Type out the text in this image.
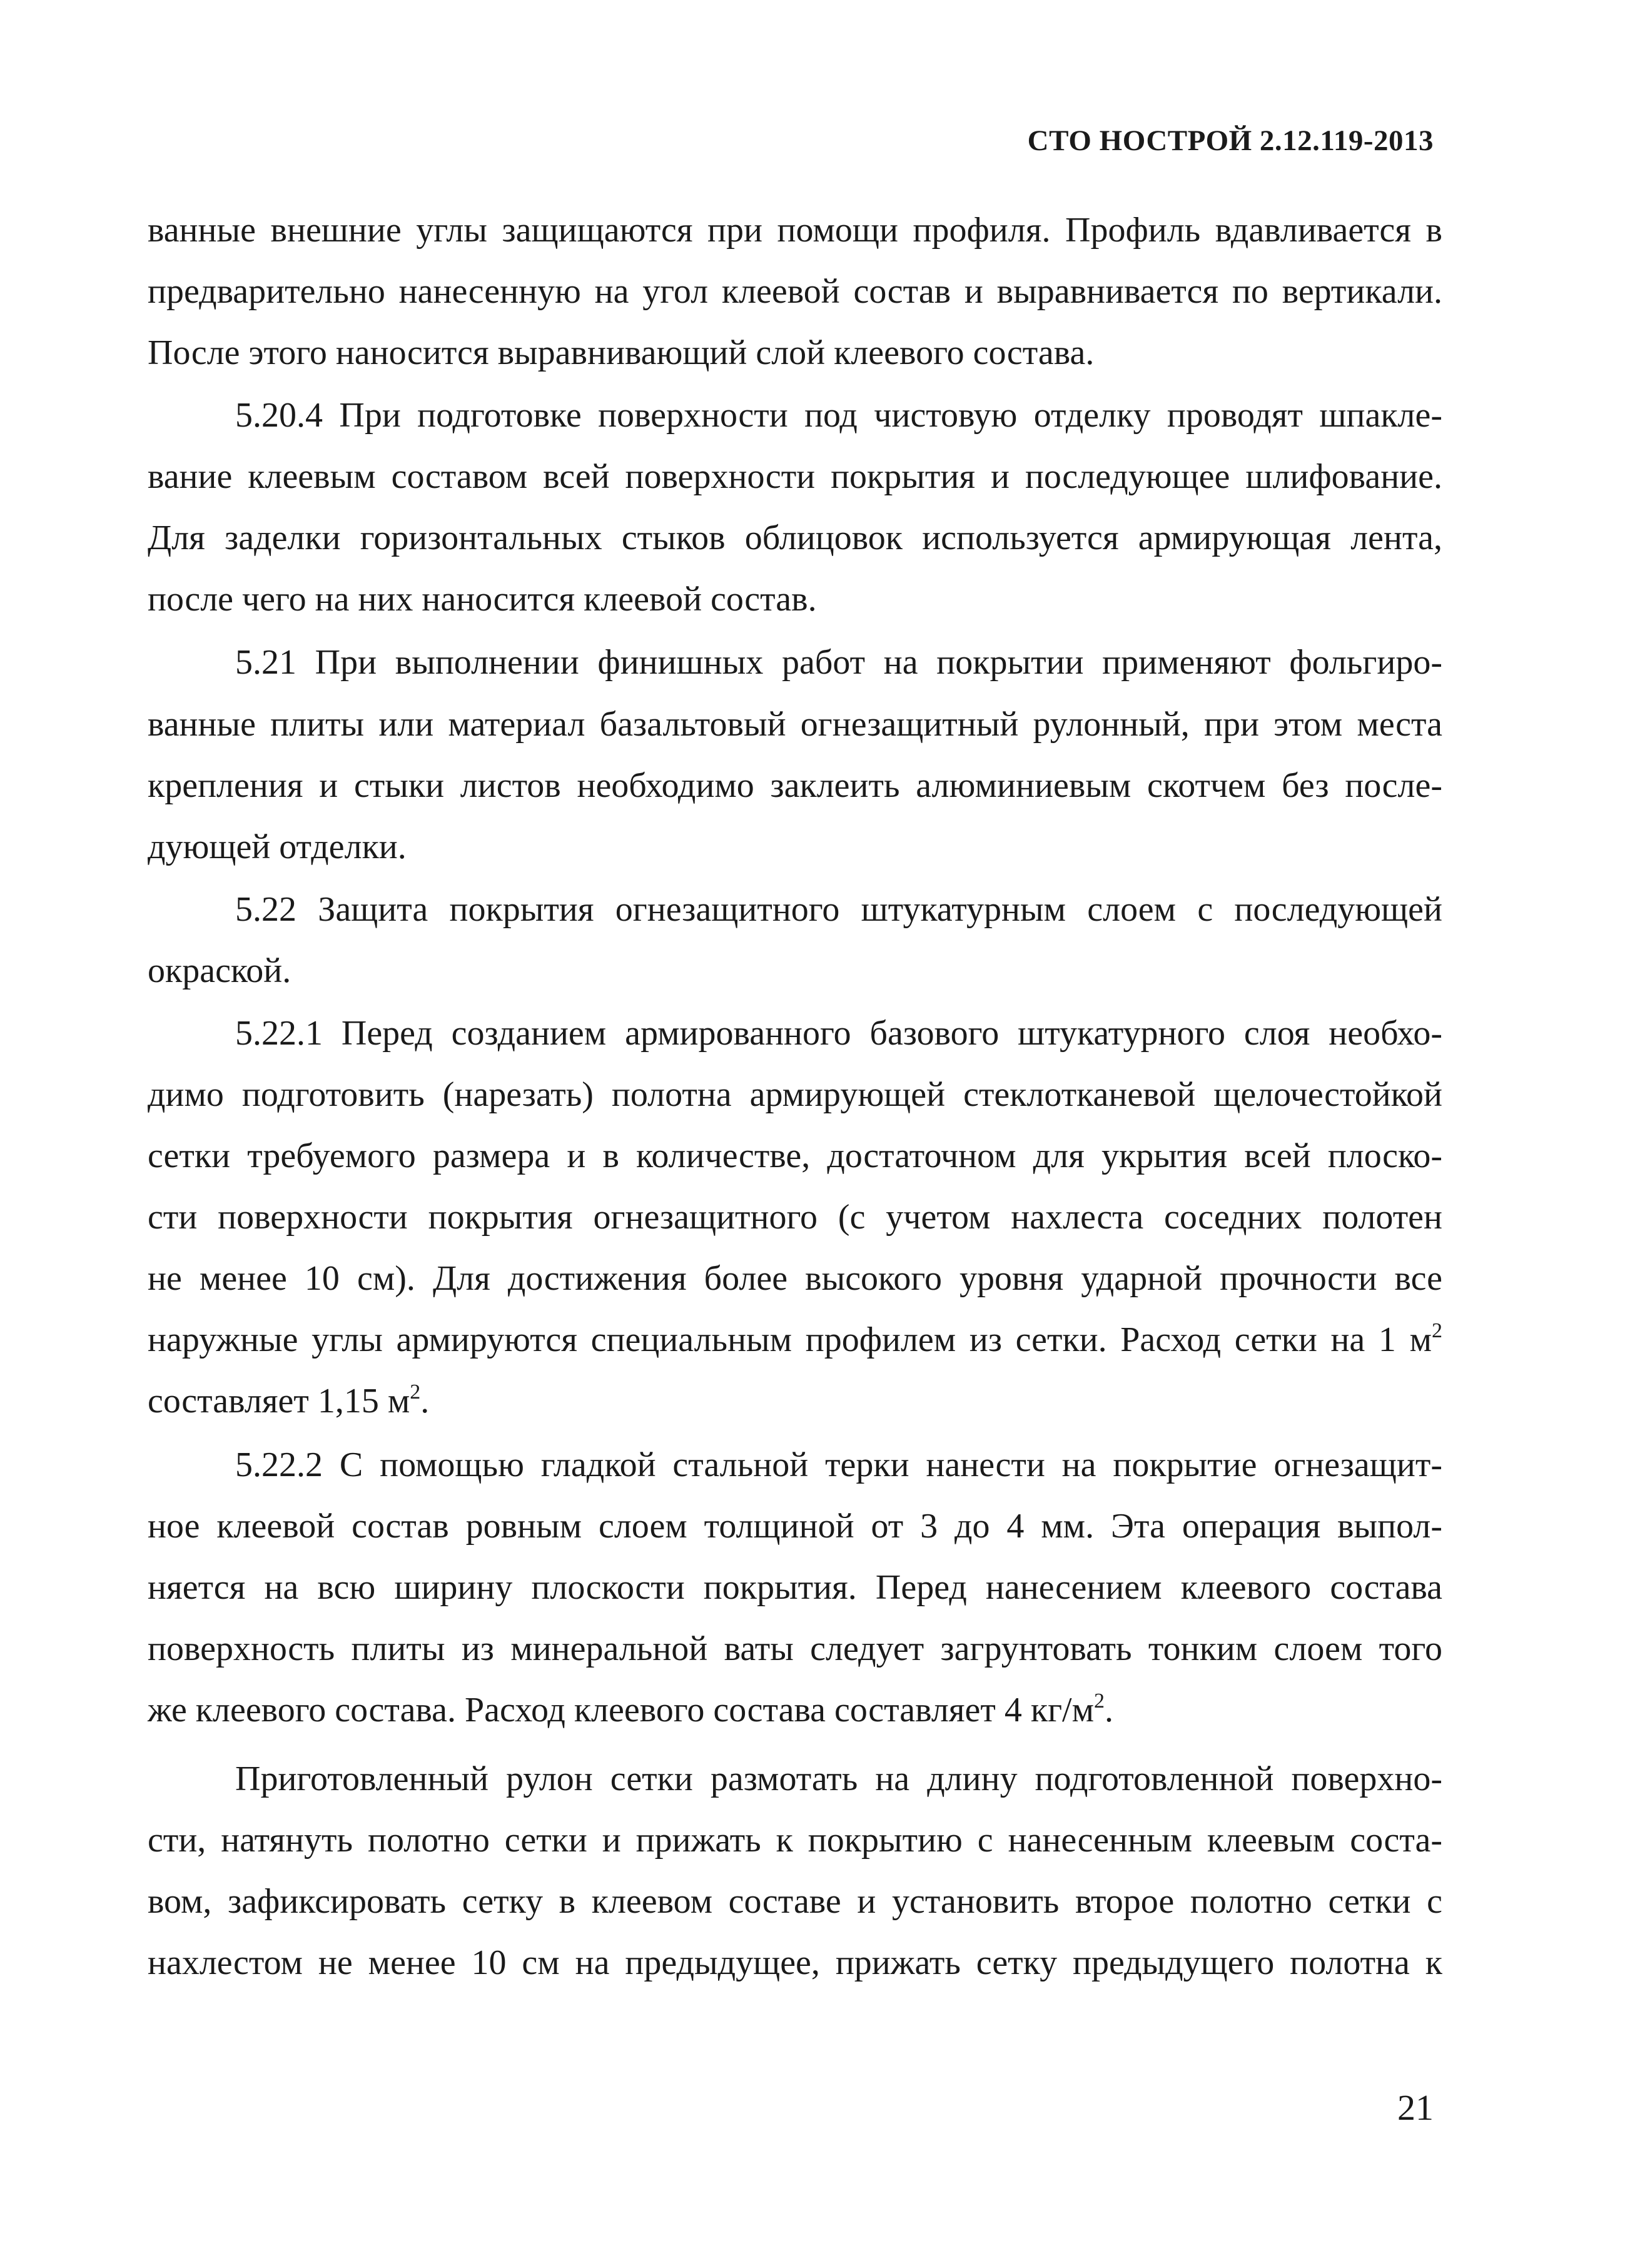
СТО НОСТРОЙ 2.12.119-2013
ванные внешние углы защищаются при помощи профиля. Профиль вдавливается в
предварительно нанесенную на угол клеевой состав и выравнивается по вертикали.
После этого наносится выравнивающий слой клеевого состава.
5.20.4 При подготовке поверхности под чистовую отделку проводят шпакле-
вание клеевым составом всей поверхности покрытия и последующее шлифование.
Для заделки горизонтальных стыков облицовок используется армирующая лента,
после чего на них наносится клеевой состав.
5.21 При выполнении финишных работ на покрытии применяют фольгиро-
ванные плиты или материал базальтовый огнезащитный рулонный, при этом места
крепления и стыки листов необходимо заклеить алюминиевым скотчем без после-
дующей отделки.
5.22 Защита покрытия огнезащитного штукатурным слоем с последующей
окраской.
5.22.1 Перед созданием армированного базового штукатурного слоя необхо-
димо подготовить (нарезать) полотна армирующей стеклотканевой щелочестойкой
сетки требуемого размера и в количестве, достаточном для укрытия всей плоско-
сти поверхности покрытия огнезащитного (с учетом нахлеста соседних полотен
не менее 10 см). Для достижения более высокого уровня ударной прочности все
наружные углы армируются специальным профилем из сетки. Расход сетки на 1 $м^2$
составляет 1,15 $м^2$.
5.22.2 С помощью гладкой стальной терки нанести на покрытие огнезащит-
ное клеевой состав ровным слоем толщиной от 3 до 4 мм. Эта операция выпол-
няется на всю ширину плоскости покрытия. Перед нанесением клеевого состава
поверхность плиты из минеральной ваты следует загрунтовать тонким слоем того
же клеевого состава. Расход клеевого состава составляет 4 $кг/м^2$.
Приготовленный рулон сетки размотать на длину подготовленной поверхно-
сти, натянуть полотно сетки и прижать к покрытию с нанесенным клеевым соста-
вом, зафиксировать сетку в клеевом составе и установить второе полотно сетки с
нахлестом не менее 10 см на предыдущее, прижать сетку предыдущего полотна к
21
